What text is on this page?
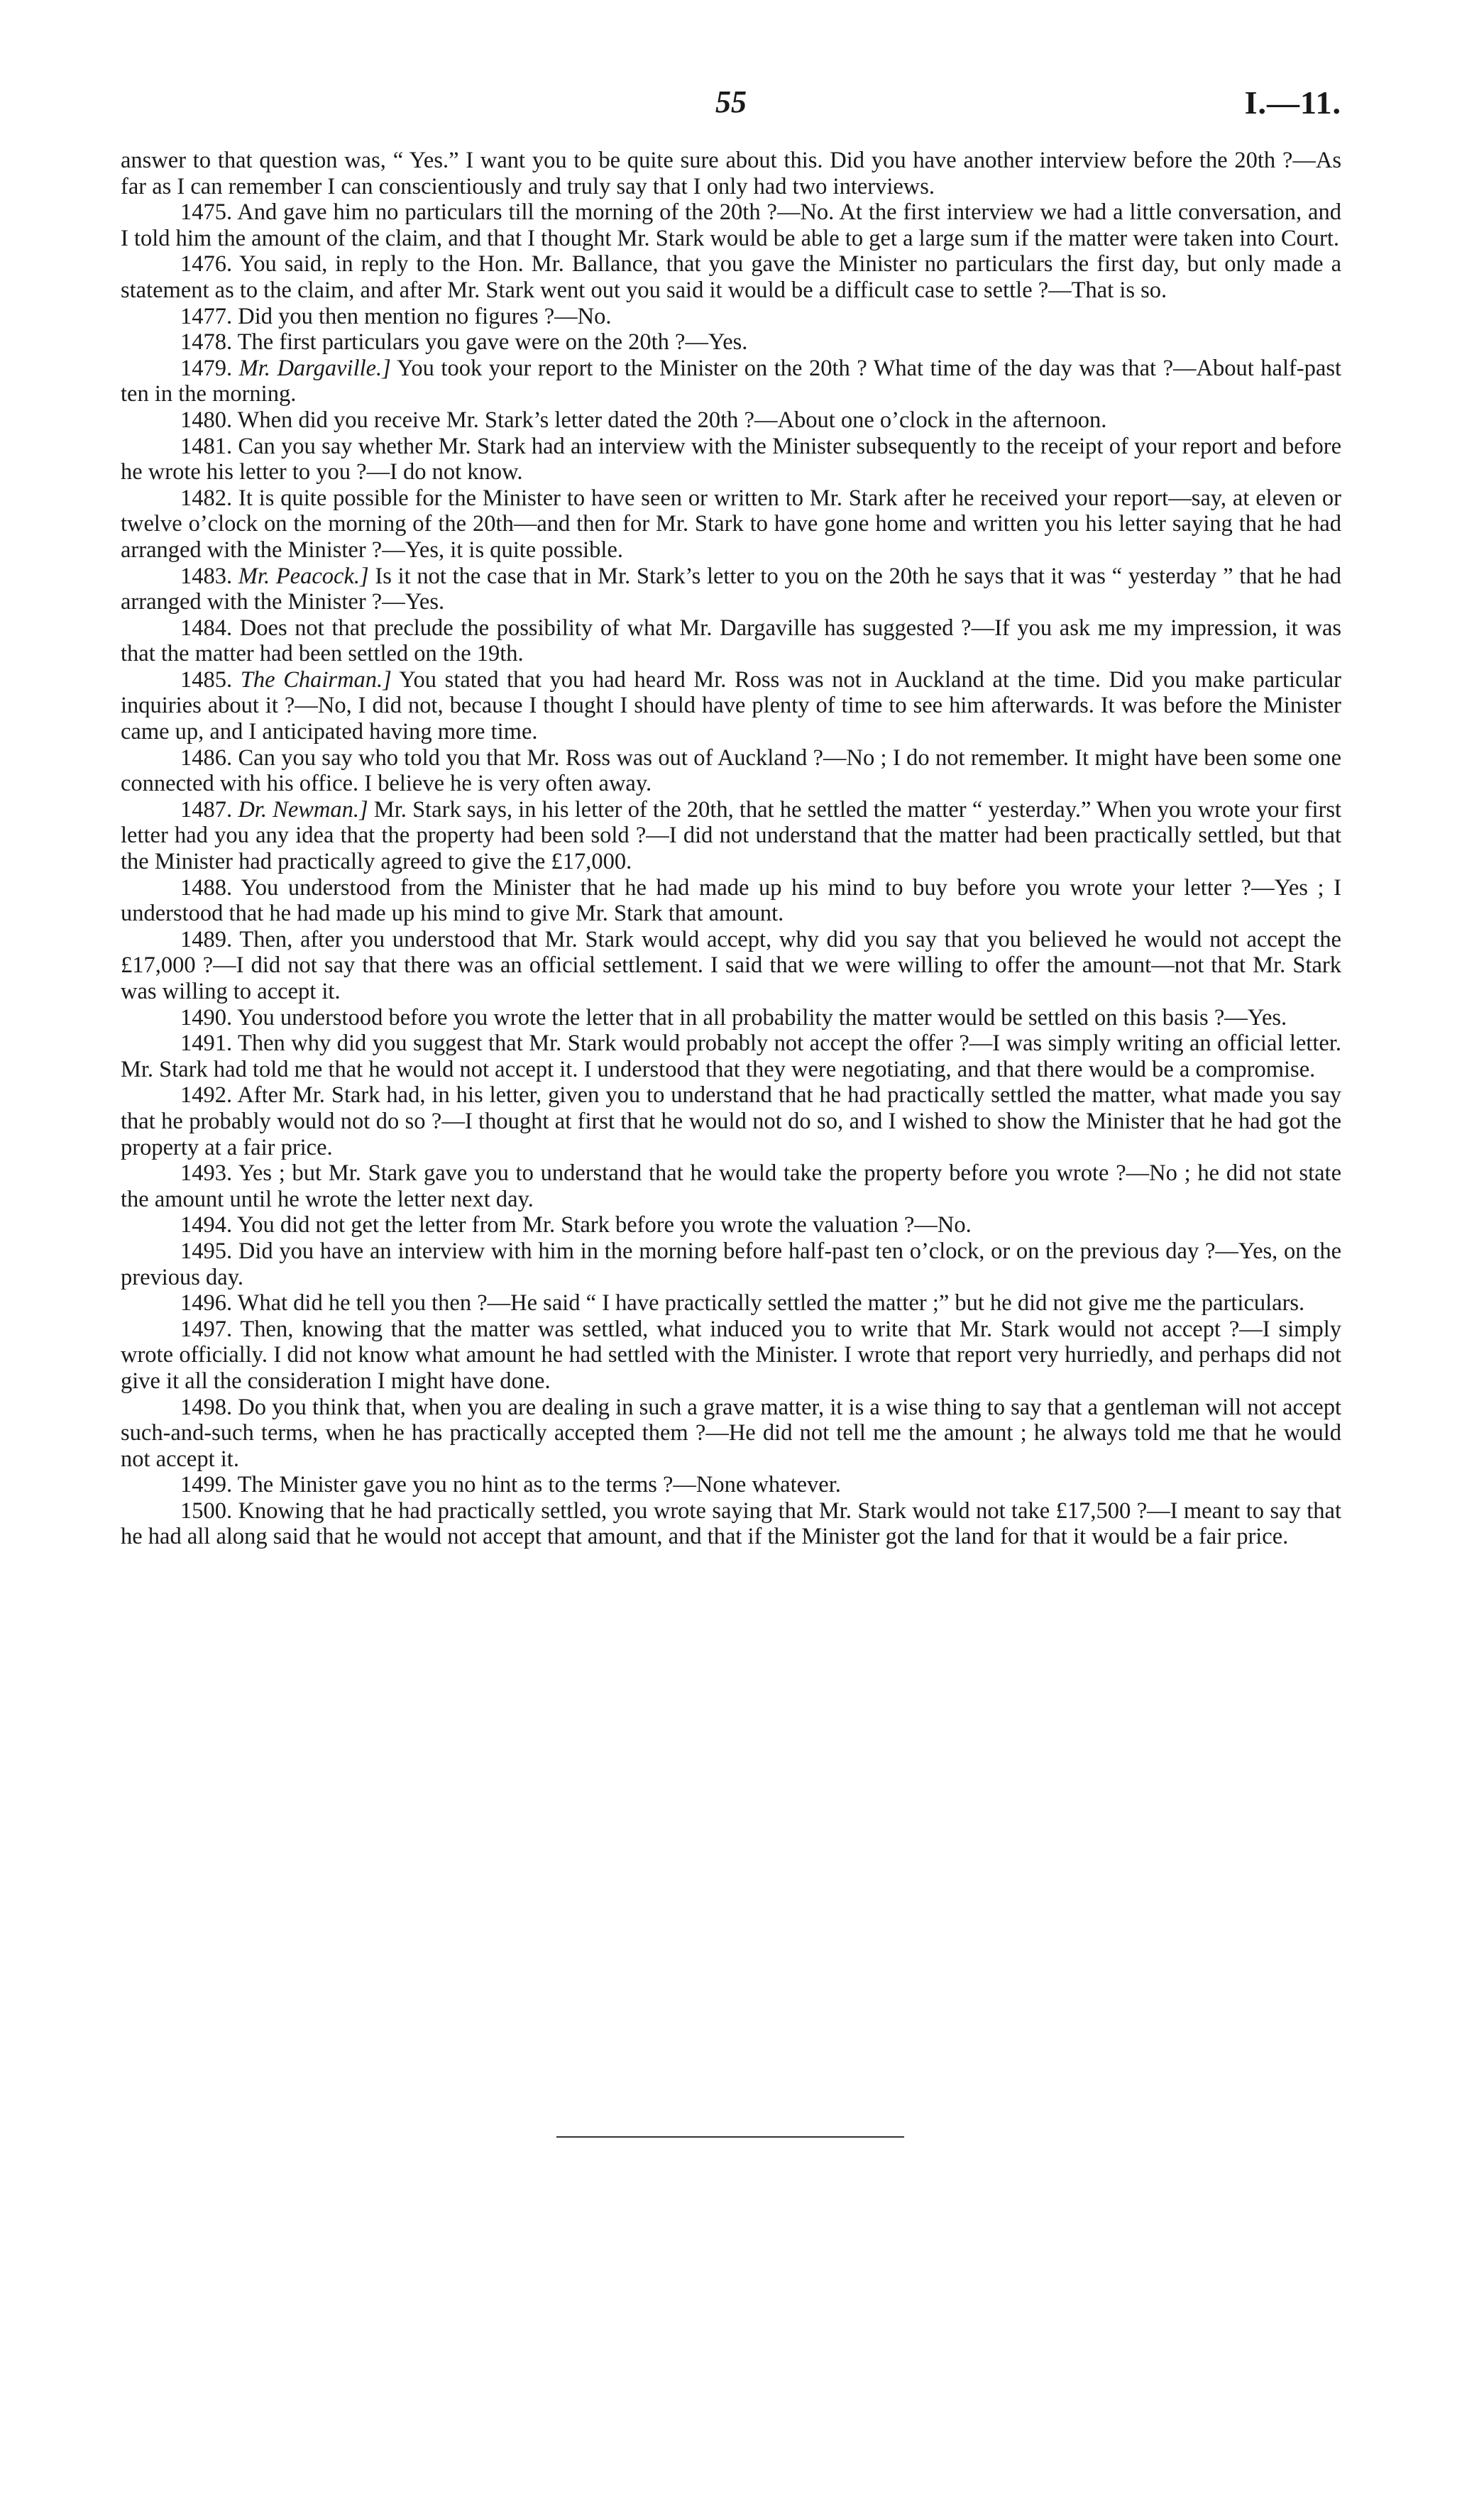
55	I.—11.

answer to that question was, “ Yes.” I want you to be quite sure about this. Did you have another interview before the 20th ?—As far as I can remember I can conscientiously and truly say that I only had two interviews.

1475. And gave him no particulars till the morning of the 20th ?—No. At the first interview we had a little conversation, and I told him the amount of the claim, and that I thought Mr. Stark would be able to get a large sum if the matter were taken into Court.

1476. You said, in reply to the Hon. Mr. Ballance, that you gave the Minister no particulars the first day, but only made a statement as to the claim, and after Mr. Stark went out you said it would be a difficult case to settle ?—That is so.

1477. Did you then mention no figures ?—No.

1478. The first particulars you gave were on the 20th ?—Yes.

1479. Mr. Dargaville.] You took your report to the Minister on the 20th ? What time of the day was that ?—About half-past ten in the morning.

1480. When did you receive Mr. Stark’s letter dated the 20th ?—About one o’clock in the afternoon.

1481. Can you say whether Mr. Stark had an interview with the Minister subsequently to the receipt of your report and before he wrote his letter to you ?—I do not know.

1482. It is quite possible for the Minister to have seen or written to Mr. Stark after he received your report—say, at eleven or twelve o’clock on the morning of the 20th—and then for Mr. Stark to have gone home and written you his letter saying that he had arranged with the Minister ?—Yes, it is quite possible.

1483. Mr. Peacock.] Is it not the case that in Mr. Stark’s letter to you on the 20th he says that it was “ yesterday ” that he had arranged with the Minister ?—Yes.

1484. Does not that preclude the possibility of what Mr. Dargaville has suggested ?—If you ask me my impression, it was that the matter had been settled on the 19th.

1485. The Chairman.] You stated that you had heard Mr. Ross was not in Auckland at the time. Did you make particular inquiries about it ?—No, I did not, because I thought I should have plenty of time to see him afterwards. It was before the Minister came up, and I anticipated having more time.

1486. Can you say who told you that Mr. Ross was out of Auckland ?—No ; I do not remember. It might have been some one connected with his office. I believe he is very often away.

1487. Dr. Newman.] Mr. Stark says, in his letter of the 20th, that he settled the matter “ yesterday.” When you wrote your first letter had you any idea that the property had been sold ?—I did not understand that the matter had been practically settled, but that the Minister had practically agreed to give the £17,000.

1488. You understood from the Minister that he had made up his mind to buy before you wrote your letter ?—Yes ; I understood that he had made up his mind to give Mr. Stark that amount.

1489. Then, after you understood that Mr. Stark would accept, why did you say that you believed he would not accept the £17,000 ?—I did not say that there was an official settlement. I said that we were willing to offer the amount—not that Mr. Stark was willing to accept it.

1490. You understood before you wrote the letter that in all probability the matter would be settled on this basis ?—Yes.

1491. Then why did you suggest that Mr. Stark would probably not accept the offer ?—I was simply writing an official letter. Mr. Stark had told me that he would not accept it. I understood that they were negotiating, and that there would be a compromise.

1492. After Mr. Stark had, in his letter, given you to understand that he had practically settled the matter, what made you say that he probably would not do so ?—I thought at first that he would not do so, and I wished to show the Minister that he had got the property at a fair price.

1493. Yes ; but Mr. Stark gave you to understand that he would take the property before you wrote ?—No ; he did not state the amount until he wrote the letter next day.

1494. You did not get the letter from Mr. Stark before you wrote the valuation ?—No.

1495. Did you have an interview with him in the morning before half-past ten o’clock, or on the previous day ?—Yes, on the previous day.

1496. What did he tell you then ?—He said “ I have practically settled the matter ;” but he did not give me the particulars.

1497. Then, knowing that the matter was settled, what induced you to write that Mr. Stark would not accept ?—I simply wrote officially. I did not know what amount he had settled with the Minister. I wrote that report very hurriedly, and perhaps did not give it all the consideration I might have done.

1498. Do you think that, when you are dealing in such a grave matter, it is a wise thing to say that a gentleman will not accept such-and-such terms, when he has practically accepted them ?—He did not tell me the amount ; he always told me that he would not accept it.

1499. The Minister gave you no hint as to the terms ?—None whatever.

1500. Knowing that he had practically settled, you wrote saying that Mr. Stark would not take £17,500 ?—I meant to say that he had all along said that he would not accept that amount, and that if the Minister got the land for that it would be a fair price.
